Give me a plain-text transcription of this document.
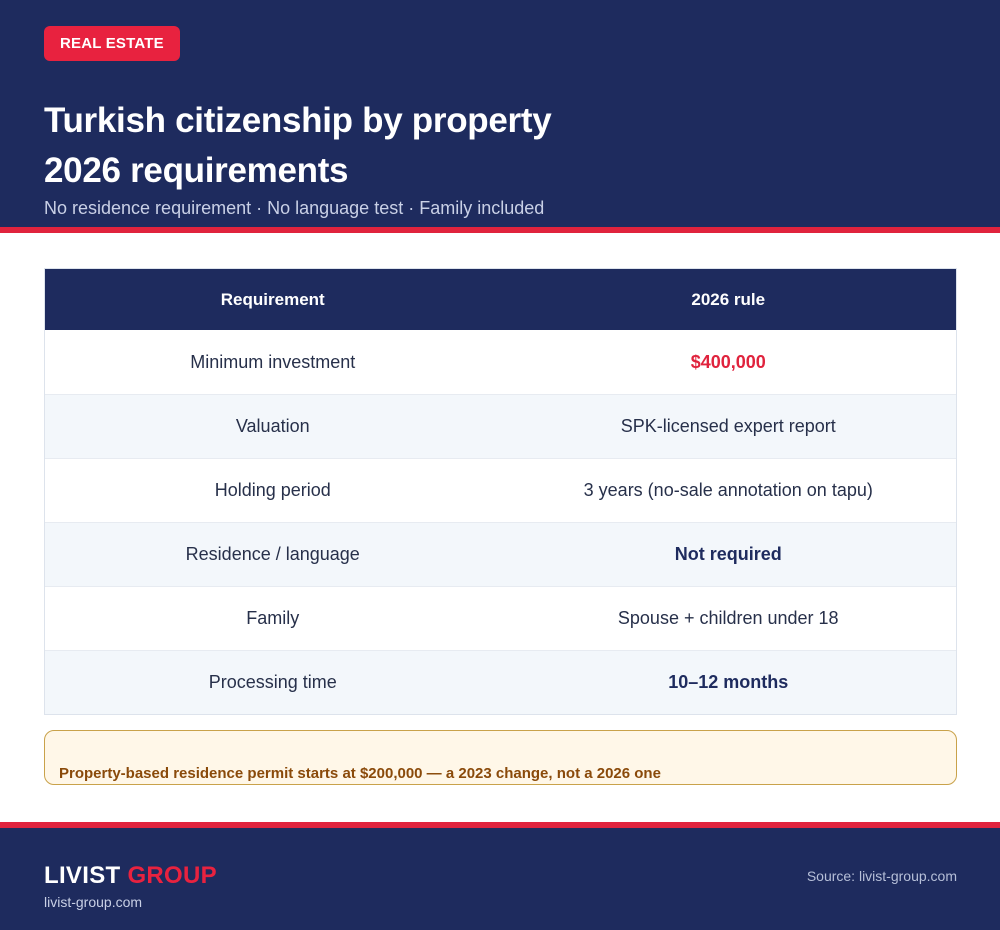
REAL ESTATE
Turkish citizenship by property
2026 requirements
No residence requirement · No language test · Family included
Requirement	2026 rule
Minimum investment	$400,000
Valuation	SPK-licensed expert report
Holding period	3 years (no-sale annotation on tapu)
Residence / language	Not required
Family	Spouse + children under 18
Processing time	10–12 months
Property-based residence permit starts at $200,000 — a 2023 change, not a 2026 one
LIVIST GROUP
livist-group.com
Source: livist-group.com
